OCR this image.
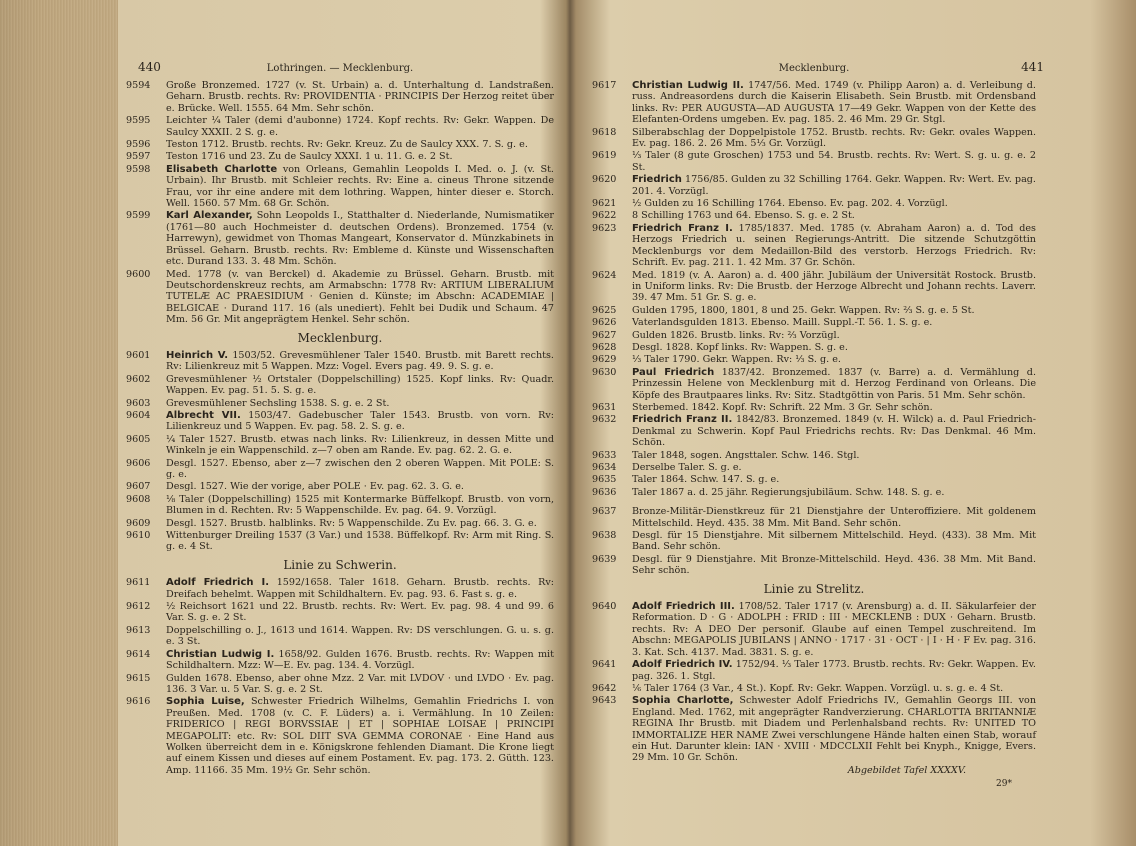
440	Lothringen. — Mecklenburg.
9594 Große Bronzemed. 1727 (v. St. Urbain) a. d. Unterhaltung d. Landstraßen. Geharn. Brustb. rechts. Rv: PROVIDENTIA · PRINCIPIS Der Herzog reitet über e. Brücke. Well. 1555. 64 Mm. Sehr schön.
9595 Leichter ¼ Taler (demi d'aubonne) 1724. Kopf rechts. Rv: Gekr. Wappen. De Saulcy XXXII. 2 S. g. e.
9596 Teston 1712. Brustb. rechts. Rv: Gekr. Kreuz. Zu de Saulcy XXX. 7. S. g. e.
9597 Teston 1716 und 23. Zu de Saulcy XXXI. 1 u. 11. G. e. 2 St.
9598 Elisabeth Charlotte von Orleans, Gemahlin Leopolds I. Med. o. J. (v. St. Urbain). Ihr Brustb. mit Schleier rechts. Rv: Eine a. cineus Throne sitzende Frau, vor ihr eine andere mit dem lothring. Wappen, hinter dieser e. Storch. Well. 1560. 57 Mm. 68 Gr. Schön.
9599 Karl Alexander, Sohn Leopolds I., Statthalter d. Niederlande, Numismatiker (1761—80 auch Hochmeister d. deutschen Ordens). Bronzemed. 1754 (v. Harrewyn), gewidmet von Thomas Mangeart, Konservator d. Münzkabinets in Brüssel. Geharn. Brustb. rechts. Rv: Embleme d. Künste und Wissenschaften etc. Durand 133. 3. 48 Mm. Schön.
9600 Med. 1778 (v. van Berckel) d. Akademie zu Brüssel. Geharn. Brustb. mit Deutschordenskreuz rechts, am Armabschn: 1778 Rv: ARTIUM LIBERALIUM TUTELÆ AC PRAESIDIUM · Genien d. Künste; im Abschn: ACADEMIAE | BELGICAE · Durand 117. 16 (als unediert). Fehlt bei Dudik und Schaum. 47 Mm. 56 Gr. Mit angeprägtem Henkel. Sehr schön.
Mecklenburg.
9601 Heinrich V. 1503/52. Grevesmühlener Taler 1540. Brustb. mit Barett rechts. Rv: Lilienkreuz mit 5 Wappen. Mzz: Vogel. Evers pag. 49. 9. S. g. e.
9602 Grevesmühlener ½ Ortstaler (Doppelschilling) 1525. Kopf links. Rv: Quadr. Wappen. Ev. pag. 51. 5. S. g. e.
9603 Grevesmühlener Sechsling 1538. S. g. e. 2 St.
9604 Albrecht VII. 1503/47. Gadebuscher Taler 1543. Brustb. von vorn. Rv: Lilienkreuz und 5 Wappen. Ev. pag. 58. 2. S. g. e.
9605 ¼ Taler 1527. Brustb. etwas nach links. Rv: Lilienkreuz, in dessen Mitte und Winkeln je ein Wappenschild. z—7 oben am Rande. Ev. pag. 62. 2. G. e.
9606 Desgl. 1527. Ebenso, aber z—7 zwischen den 2 oberen Wappen. Mit POLE: S. g. e.
9607 Desgl. 1527. Wie der vorige, aber POLE · Ev. pag. 62. 3. G. e.
9608 ⅛ Taler (Doppelschilling) 1525 mit Kontermarke Büffelkopf. Brustb. von vorn, Blumen in d. Rechten. Rv: 5 Wappenschilde. Ev. pag. 64. 9. Vorzügl.
9609 Desgl. 1527. Brustb. halblinks. Rv: 5 Wappenschilde. Zu Ev. pag. 66. 3. G. e.
9610 Wittenburger Dreiling 1537 (3 Var.) und 1538. Büffelkopf. Rv: Arm mit Ring. S. g. e. 4 St.
Linie zu Schwerin.
9611 Adolf Friedrich I. 1592/1658. Taler 1618. Geharn. Brustb. rechts. Rv: Dreifach behelmt. Wappen mit Schildhaltern. Ev. pag. 93. 6. Fast s. g. e.
9612 ½ Reichsort 1621 und 22. Brustb. rechts. Rv: Wert. Ev. pag. 98. 4 und 99. 6 Var. S. g. e. 2 St.
9613 Doppelschilling o. J., 1613 und 1614. Wappen. Rv: DS verschlungen. G. u. s. g. e. 3 St.
9614 Christian Ludwig I. 1658/92. Gulden 1676. Brustb. rechts. Rv: Wappen mit Schildhaltern. Mzz: W—E. Ev. pag. 134. 4. Vorzügl.
9615 Gulden 1678. Ebenso, aber ohne Mzz. 2 Var. mit LVDOV · und LVDO · Ev. pag. 136. 3 Var. u. 5 Var. S. g. e. 2 St.
9616 Sophia Luise, Schwester Friedrich Wilhelms, Gemahlin Friedrichs I. von Preußen. Med. 1708 (v. C. F. Lüders) a. i. Vermählung. In 10 Zeilen: FRIDERICO | REGI BORVSSIAE | ET | SOPHIAE LOISAE | PRINCIPI MEGAPOLIT: etc. Rv: SOL DIIT SVA GEMMA CORONAE · Eine Hand aus Wolken überreicht dem in e. Königskrone fehlenden Diamant. Die Krone liegt auf einem Kissen und dieses auf einem Postament. Ev. pag. 173. 2. Gütth. 123. Amp. 11166. 35 Mm. 19½ Gr. Sehr schön.
Mecklenburg.	441
9617 Christian Ludwig II. 1747/56. Med. 1749 (v. Philipp Aaron) a. d. Verleibung d. russ. Andreasordens durch die Kaiserin Elisabeth. Sein Brustb. mit Ordensband links. Rv: PER AUGUSTA—AD AUGUSTA 17—49 Gekr. Wappen von der Kette des Elefanten-Ordens umgeben. Ev. pag. 185. 2. 46 Mm. 29 Gr. Stgl.
9618 Silberabschlag der Doppelpistole 1752. Brustb. rechts. Rv: Gekr. ovales Wappen. Ev. pag. 186. 2. 26 Mm. 5⅓ Gr. Vorzügl.
9619 ⅓ Taler (8 gute Groschen) 1753 und 54. Brustb. rechts. Rv: Wert. S. g. u. g. e. 2 St.
9620 Friedrich 1756/85. Gulden zu 32 Schilling 1764. Gekr. Wappen. Rv: Wert. Ev. pag. 201. 4. Vorzügl.
9621 ½ Gulden zu 16 Schilling 1764. Ebenso. Ev. pag. 202. 4. Vorzügl.
9622 8 Schilling 1763 und 64. Ebenso. S. g. e. 2 St.
9623 Friedrich Franz I. 1785/1837. Med. 1785 (v. Abraham Aaron) a. d. Tod des Herzogs Friedrich u. seinen Regierungs-Antritt. Die sitzende Schutzgöttin Mecklenburgs vor dem Medaillon-Bild des verstorb. Herzogs Friedrich. Rv: Schrift. Ev. pag. 211. 1. 42 Mm. 37 Gr. Schön.
9624 Med. 1819 (v. A. Aaron) a. d. 400 jähr. Jubiläum der Universität Rostock. Brustb. in Uniform links. Rv: Die Brustb. der Herzoge Albrecht und Johann rechts. Laverr. 39. 47 Mm. 51 Gr. S. g. e.
9625 Gulden 1795, 1800, 1801, 8 und 25. Gekr. Wappen. Rv: ⅔ S. g. e. 5 St.
9626 Vaterlandsgulden 1813. Ebenso. Maill. Suppl.-T. 56. 1. S. g. e.
9627 Gulden 1826. Brustb. links. Rv: ⅔ Vorzügl.
9628 Desgl. 1828. Kopf links. Rv: Wappen. S. g. e.
9629 ⅓ Taler 1790. Gekr. Wappen. Rv: ⅓ S. g. e.
9630 Paul Friedrich 1837/42. Bronzemed. 1837 (v. Barre) a. d. Vermählung d. Prinzessin Helene von Mecklenburg mit d. Herzog Ferdinand von Orleans. Die Köpfe des Brautpaares links. Rv: Sitz. Stadtgöttin von Paris. 51 Mm. Sehr schön.
9631 Sterbemed. 1842. Kopf. Rv: Schrift. 22 Mm. 3 Gr. Sehr schön.
9632 Friedrich Franz II. 1842/83. Bronzemed. 1849 (v. H. Wilck) a. d. Paul Friedrich-Denkmal zu Schwerin. Kopf Paul Friedrichs rechts. Rv: Das Denkmal. 46 Mm. Schön.
9633 Taler 1848, sogen. Angsttaler. Schw. 146. Stgl.
9634 Derselbe Taler. S. g. e.
9635 Taler 1864. Schw. 147. S. g. e.
9636 Taler 1867 a. d. 25 jähr. Regierungsjubiläum. Schw. 148. S. g. e.
9637 Bronze-Militär-Dienstkreuz für 21 Dienstjahre der Unteroffiziere. Mit goldenem Mittelschild. Heyd. 435. 38 Mm. Mit Band. Sehr schön.
9638 Desgl. für 15 Dienstjahre. Mit silbernem Mittelschild. Heyd. (433). 38 Mm. Mit Band. Sehr schön.
9639 Desgl. für 9 Dienstjahre. Mit Bronze-Mittelschild. Heyd. 436. 38 Mm. Mit Band. Sehr schön.
Linie zu Strelitz.
9640 Adolf Friedrich III. 1708/52. Taler 1717 (v. Arensburg) a. d. II. Säkularfeier der Reformation. D · G · ADOLPH : FRID : III · MECKLENB : DUX · Geharn. Brustb. rechts. Rv: A DEO Der personif. Glaube auf einen Tempel zuschreitend. Im Abschn: MEGAPOLIS JUBILANS | ANNO · 1717 · 31 · OCT · | I · H · F Ev. pag. 316. 3. Kat. Sch. 4137. Mad. 3831. S. g. e.
9641 Adolf Friedrich IV. 1752/94. ⅓ Taler 1773. Brustb. rechts. Rv: Gekr. Wappen. Ev. pag. 326. 1. Stgl.
9642 ⅙ Taler 1764 (3 Var., 4 St.). Kopf. Rv: Gekr. Wappen. Vorzügl. u. s. g. e. 4 St.
9643 Sophia Charlotte, Schwester Adolf Friedrichs IV., Gemahlin Georgs III. von England. Med. 1762, mit angeprägter Randverzierung. CHARLOTTA BRITANNIÆ REGINA Ihr Brustb. mit Diadem und Perlenhalsband rechts. Rv: UNITED TO IMMORTALIZE HER NAME Zwei verschlungene Hände halten einen Stab, worauf ein Hut. Darunter klein: IAN · XVIII · MDCCLXII Fehlt bei Knyph., Knigge, Evers. 29 Mm. 10 Gr. Schön.
Abgebildet Tafel XXXXV.
29*
